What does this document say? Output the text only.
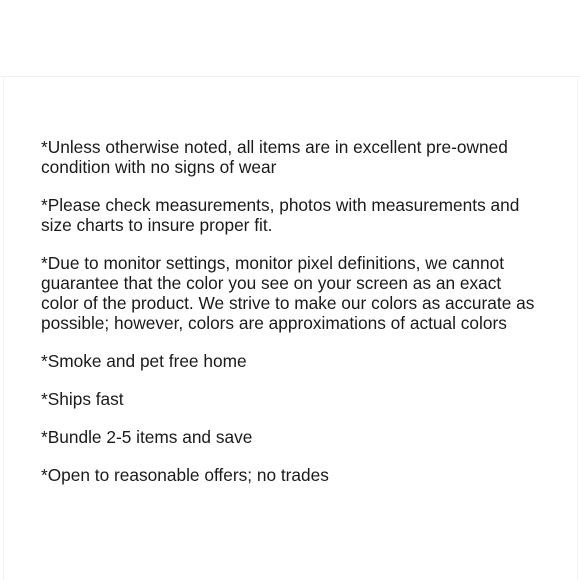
*Unless otherwise noted, all items are in excellent pre-owned condition with no signs of wear

*Please check measurements, photos with measurements and size charts to insure proper fit.

*Due to monitor settings, monitor pixel definitions, we cannot guarantee that the color you see on your screen as an exact color of the product. We strive to make our colors as accurate as possible; however, colors are approximations of actual colors

*Smoke and pet free home

*Ships fast

*Bundle 2-5 items and save

*Open to reasonable offers; no trades
